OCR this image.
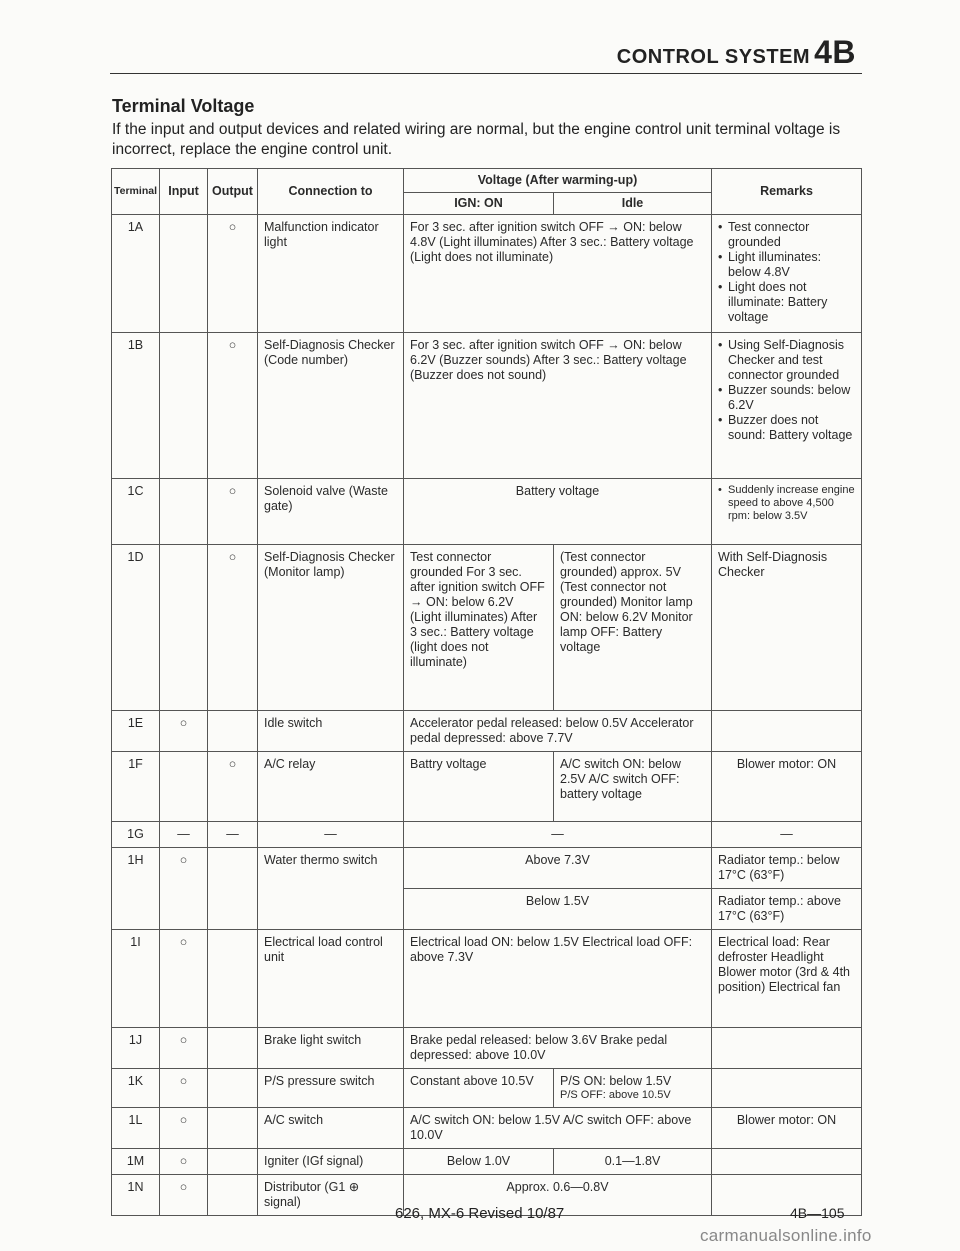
CONTROL SYSTEM 4B
Terminal Voltage
If the input and output devices and related wiring are normal, but the engine control unit terminal voltage is incorrect, replace the engine control unit.
Terminal	Input	Output	Connection to	Voltage (After warming-up)		Remarks
				IGN: ON	Idle	
1A		○	Malfunction indicator light	For 3 sec. after ignition switch OFF → ON: below 4.8V (Light illuminates) After 3 sec.: Battery voltage (Light does not illuminate)		• Test connector grounded
• Light illuminates: below 4.8V
• Light does not illuminate: Battery voltage

1B		○	Self-Diagnosis Checker (Code number)	For 3 sec. after ignition switch OFF → ON: below 6.2V (Buzzer sounds) After 3 sec.: Battery voltage (Buzzer does not sound)		• Using Self-Diagnosis Checker and test connector grounded
• Buzzer sounds: below 6.2V
• Buzzer does not sound: Battery voltage

1C		○	Solenoid valve (Waste gate)	Battery voltage		• Suddenly increase engine speed to above 4,500 rpm: below 3.5V

1D		○	Self-Diagnosis Checker (Monitor lamp)	Test connector grounded For 3 sec. after ignition switch OFF → ON: below 6.2V (Light illuminates) After 3 sec.: Battery voltage (light does not illuminate)	(Test connector grounded) approx. 5V (Test connector not grounded) Monitor lamp ON: below 6.2V Monitor lamp OFF: Battery voltage	With Self-Diagnosis Checker
1E	○		Idle switch	Accelerator pedal released: below 0.5V Accelerator pedal depressed: above 7.7V		
1F		○	A/C relay	Battry voltage	A/C switch ON: below 2.5V A/C switch OFF: battery voltage	Blower motor: ON
1G	—	—	—	—		—
1H	○		Water thermo switch	Above 7.3V		Radiator temp.: below 17°C (63°F)
				Below 1.5V		Radiator temp.: above 17°C (63°F)
1I	○		Electrical load control unit	Electrical load ON: below 1.5V Electrical load OFF: above 7.3V		Electrical load: Rear defroster Headlight Blower motor (3rd & 4th position) Electrical fan
1J	○		Brake light switch	Brake pedal released: below 3.6V Brake pedal depressed: above 10.0V		
1K	○		P/S pressure switch	Constant above 10.5V	P/S ON: below 1.5V
P/S OFF: above 10.5V	

1L	○		A/C switch	A/C switch ON: below 1.5V A/C switch OFF: above 10.0V		Blower motor: ON
1M	○		Igniter (IGf signal)	Below 1.0V	0.1—1.8V	
1N	○		Distributor (G1 ⊕ signal)	Approx. 0.6—0.8V		
626, MX-6 Revised 10/87	4B—105
carmanualsonline.info
